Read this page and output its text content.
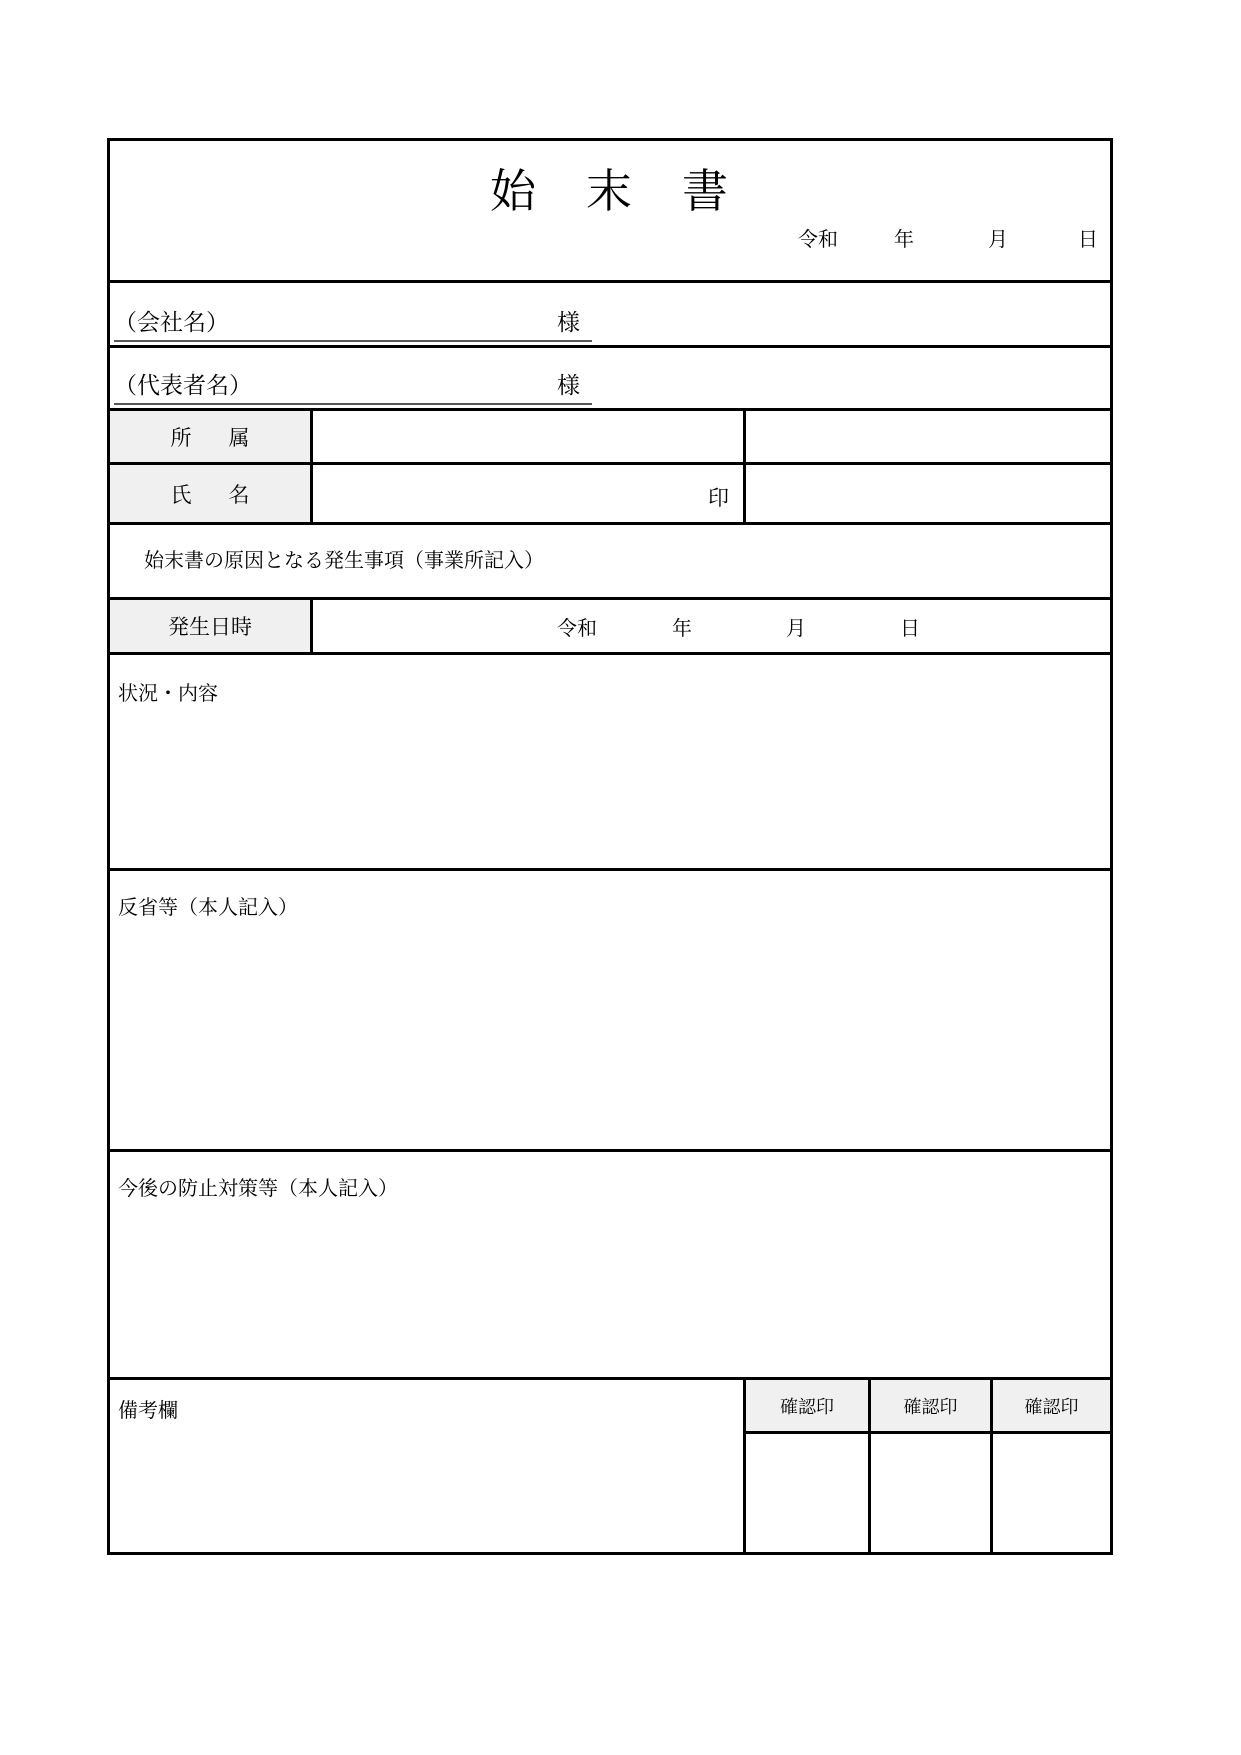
始　末　書
令和	年	月	日
（会社名）	様
（代表者名）	様
所　属
氏　名	印
始末書の原因となる発生事項（事業所記入）
発生日時	令和	年	月	日
状況・内容
反省等（本人記入）
今後の防止対策等（本人記入）
備考欄	確認印	確認印	確認印
